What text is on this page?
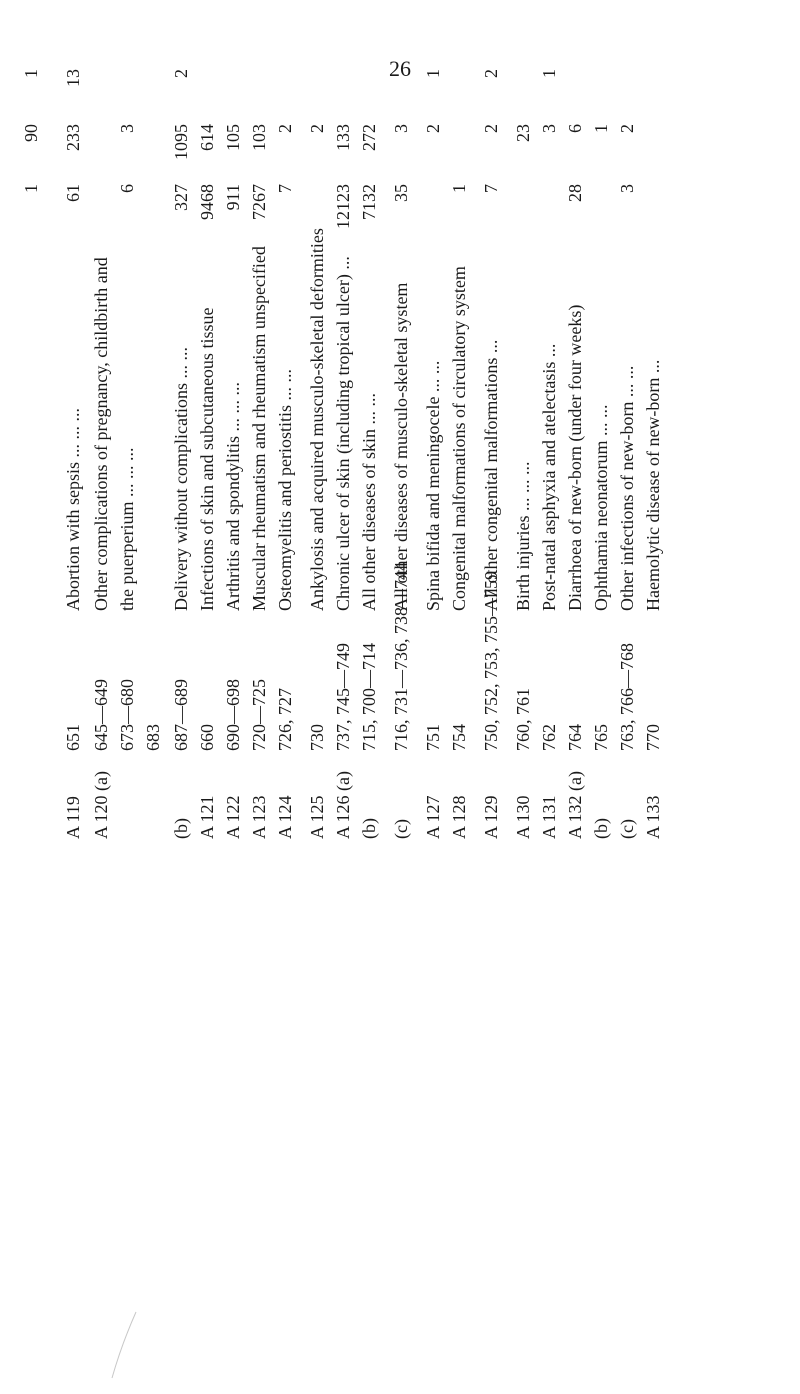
26
1
90
1
A 119
651
Abortion with sepsis ... ... ...
61
233
13
A 120 (a)
645—649
Other complications of pregnancy, childbirth and
673—680
the puerperium ... ... ...
6
3
683
(b)
687—689
Delivery without complications ... ...
327
1095
2
A 121
660
Infections of skin and subcutaneous tissue
9468
614
A 122
690—698
Arthritis and spondylitis ... ... ...
911
105
A 123
720—725
Muscular rheumatism and rheumatism unspecified
7267
103
A 124
726, 727
Osteomyelitis and periostitis ... ...
7
2
A 125
730
Ankylosis and acquired musculo-skeletal deformities
2
A 126 (a)
737, 745—749
Chronic ulcer of skin (including tropical ulcer) ...
12123
133
(b)
715, 700—714
All other diseases of skin ... ...
7132
272
(c)
716, 731—736, 738—744
All other diseases of musculo-skeletal system
35
3
A 127
751
Spina bifida and meningocele ... ...
2
1
A 128
754
Congenital malformations of circulatory system
1
A 129
750, 752, 753, 755—759
All other congenital malformations ...
7
2
2
A 130
760, 761
Birth injuries ... ... ...
23
A 131
762
Post-natal asphyxia and atelectasis ...
3
1
A 132 (a)
764
Diarrhoea of new-born (under four weeks)
28
6
(b)
765
Ophthamia neonatorum ... ...
1
(c)
763, 766—768
Other infections of new-born ... ...
3
2
A 133
770
Haemolytic disease of new-born ...
